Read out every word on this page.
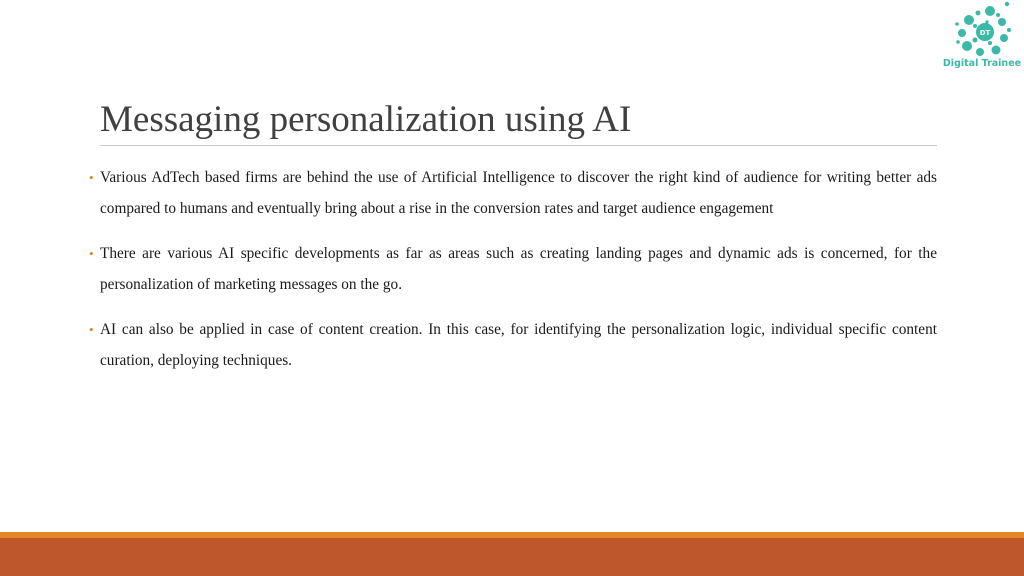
DT
Digital Trainee
Messaging personalization using AI
• Various AdTech based firms are behind the use of Artificial Intelligence to discover the right kind of audience for writing better ads compared to humans and eventually bring about a rise in the conversion rates and target audience engagement
• There are various AI specific developments as far as areas such as creating landing pages and dynamic ads is concerned, for the personalization of marketing messages on the go.
• AI can also be applied in case of content creation. In this case, for identifying the personalization logic, individual specific content curation, deploying techniques.
